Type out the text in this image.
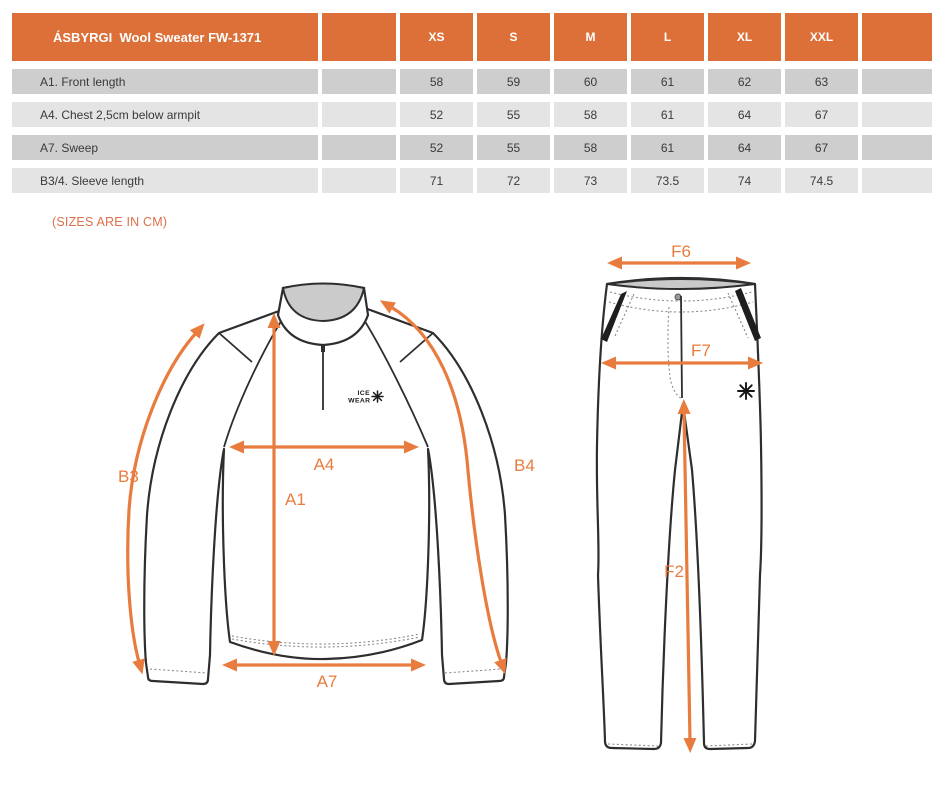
ÁSBYRGI  Wool Sweater FW-1371	XS	S	M	L	XL	XXL
A1. Front length	58	59	60	61	62	63
A4. Chest 2,5cm below armpit	52	55	58	61	64	67
A7. Sweep	52	55	58	61	64	67
B3/4. Sleeve length	71	72	73	73.5	74	74.5
(SIZES ARE IN CM)
ICE
WEAR
B3
A4
A1
B4
A7
F6
F7
F2
